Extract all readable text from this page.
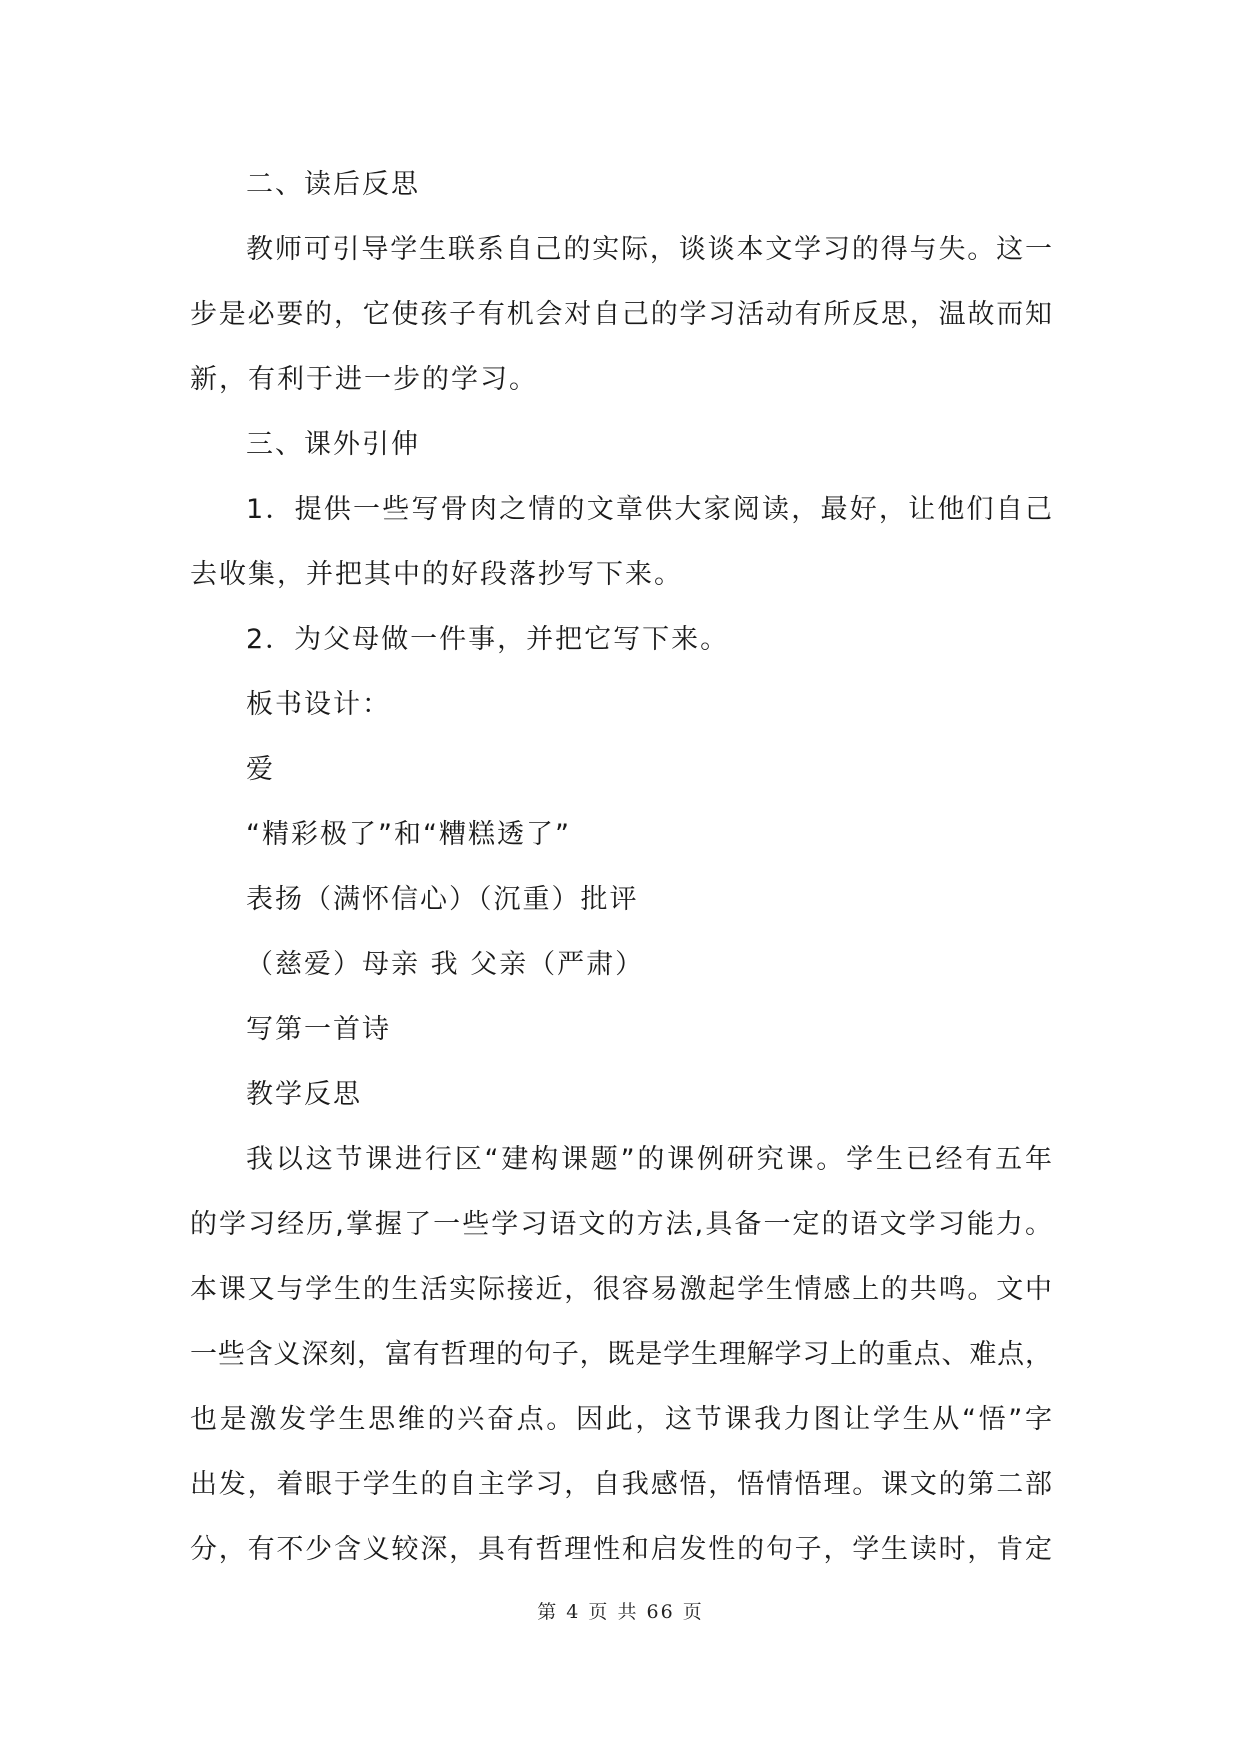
二、读后反思
教师可引导学生联系自己的实际，谈谈本文学习的得与失。这一
步是必要的，它使孩子有机会对自己的学习活动有所反思，温故而知
新，有利于进一步的学习。
三、课外引伸
1．提供一些写骨肉之情的文章供大家阅读，最好，让他们自己
去收集，并把其中的好段落抄写下来。
2．为父母做一件事，并把它写下来。
板书设计：
爱
“精彩极了”和“糟糕透了”
表扬（满怀信心）（沉重）批评
（慈爱）母亲 我 父亲（严肃）
写第一首诗
教学反思
我以这节课进行区“建构课题”的课例研究课。学生已经有五年
的学习经历,掌握了一些学习语文的方法,具备一定的语文学习能力。
本课又与学生的生活实际接近，很容易激起学生情感上的共鸣。文中
一些含义深刻，富有哲理的句子，既是学生理解学习上的重点、难点，
也是激发学生思维的兴奋点。因此，这节课我力图让学生从“悟”字
出发，着眼于学生的自主学习，自我感悟，悟情悟理。课文的第二部
分，有不少含义较深，具有哲理性和启发性的句子，学生读时，肯定
第 4 页 共 66 页
